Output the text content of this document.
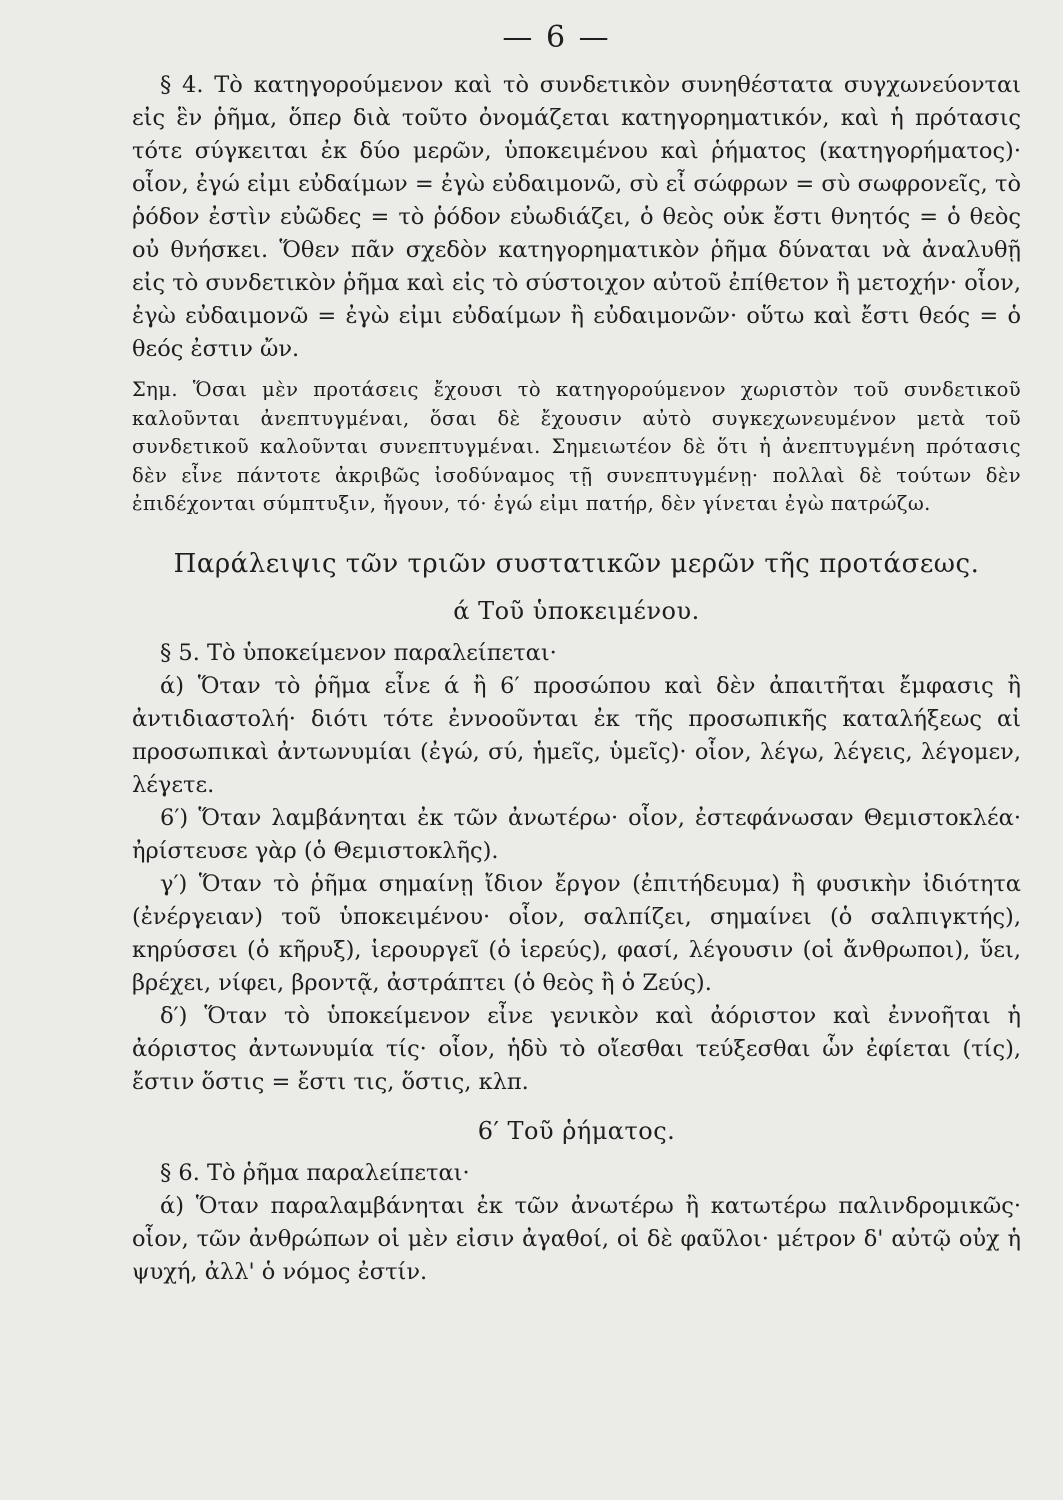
— 6 —

§ 4. Τὸ κατηγορούμενον καὶ τὸ συνδετικὸν συνηθέστατα συγχωνεύονται εἰς ἓν ῥῆμα, ὅπερ διὰ τοῦτο ὀνομάζεται κατηγορηματικόν, καὶ ἡ πρότασις τότε σύγκειται ἐκ δύο μερῶν, ὑποκειμένου καὶ ῥήματος (κατηγορήματος)· οἷον, ἐγώ εἰμι εὐδαίμων = ἐγὼ εὐδαιμονῶ, σὺ εἶ σώφρων = σὺ σωφρονεῖς, τὸ ῥόδον ἐστὶν εὐῶδες = τὸ ῥόδον εὐωδιάζει, ὁ θεὸς οὐκ ἔστι θνητός = ὁ θεὸς οὐ θνήσκει. Ὅθεν πᾶν σχεδὸν κατηγορηματικὸν ῥῆμα δύναται νὰ ἀναλυθῇ εἰς τὸ συνδετικὸν ῥῆμα καὶ εἰς τὸ σύστοιχον αὐτοῦ ἐπίθετον ἢ μετοχήν· οἷον, ἐγὼ εὐδαιμονῶ = ἐγὼ εἰμι εὐδαίμων ἢ εὐδαιμονῶν· οὕτω καὶ ἔστι θεός = ὁ θεός ἐστιν ὤν.

Σημ. Ὅσαι μὲν προτάσεις ἔχουσι τὸ κατηγορούμενον χωριστὸν τοῦ συνδετικοῦ καλοῦνται ἀνεπτυγμέναι, ὅσαι δὲ ἔχουσιν αὐτὸ συγκεχωνευμένον μετὰ τοῦ συνδετικοῦ καλοῦνται συνεπτυγμέναι. Σημειωτέον δὲ ὅτι ἡ ἀνεπτυγμένη πρότασις δὲν εἶνε πάντοτε ἀκριβῶς ἰσοδύναμος τῇ συνεπτυγμένῃ· πολλαὶ δὲ τούτων δὲν ἐπιδέχονται σύμπτυξιν, ἤγουν, τό· ἐγώ εἰμι πατήρ, δὲν γίνεται ἐγὼ πατρώζω.

Παράλειψις τῶν τριῶν συστατικῶν μερῶν τῆς προτάσεως.
ά Τοῦ ὑποκειμένου.

§ 5. Τὸ ὑποκείμενον παραλείπεται·

ά) Ὅταν τὸ ῥῆμα εἶνε ά ἢ 6′ προσώπου καὶ δὲν ἀπαιτῆται ἔμφασις ἢ ἀντιδιαστολή· διότι τότε ἐννοοῦνται ἐκ τῆς προσωπικῆς καταλήξεως αἱ προσωπικαὶ ἀντωνυμίαι (ἐγώ, σύ, ἡμεῖς, ὑμεῖς)· οἷον, λέγω, λέγεις, λέγομεν, λέγετε.

6′) Ὅταν λαμβάνηται ἐκ τῶν ἀνωτέρω· οἷον, ἐστεφάνωσαν Θεμιστοκλέα· ἠρίστευσε γὰρ (ὁ Θεμιστοκλῆς).

γ′) Ὅταν τὸ ῥῆμα σημαίνῃ ἴδιον ἔργον (ἐπιτήδευμα) ἢ φυσικὴν ἰδιότητα (ἐνέργειαν) τοῦ ὑποκειμένου· οἷον, σαλπίζει, σημαίνει (ὁ σαλπιγκτής), κηρύσσει (ὁ κῆρυξ), ἱερουργεῖ (ὁ ἱερεύς), φασί, λέγουσιν (οἱ ἄνθρωποι), ὕει, βρέχει, νίφει, βροντᾷ, ἀστράπτει (ὁ θεὸς ἢ ὁ Ζεύς).

δ′) Ὅταν τὸ ὑποκείμενον εἶνε γενικὸν καὶ ἀόριστον καὶ ἐννοῆται ἡ ἀόριστος ἀντωνυμία τίς· οἷον, ἡδὺ τὸ οἴεσθαι τεύξεσθαι ὧν ἐφίεται (τίς), ἔστιν ὅστις = ἔστι τις, ὅστις, κλπ.

6′ Τοῦ ῥήματος.

§ 6. Τὸ ῥῆμα παραλείπεται·

ά) Ὅταν παραλαμβάνηται ἐκ τῶν ἀνωτέρω ἢ κατωτέρω παλινδρομικῶς· οἷον, τῶν ἀνθρώπων οἱ μὲν εἰσιν ἀγαθοί, οἱ δὲ φαῦλοι· μέτρον δ' αὐτῷ οὐχ ἡ ψυχή, ἀλλ' ὁ νόμος ἐστίν.
